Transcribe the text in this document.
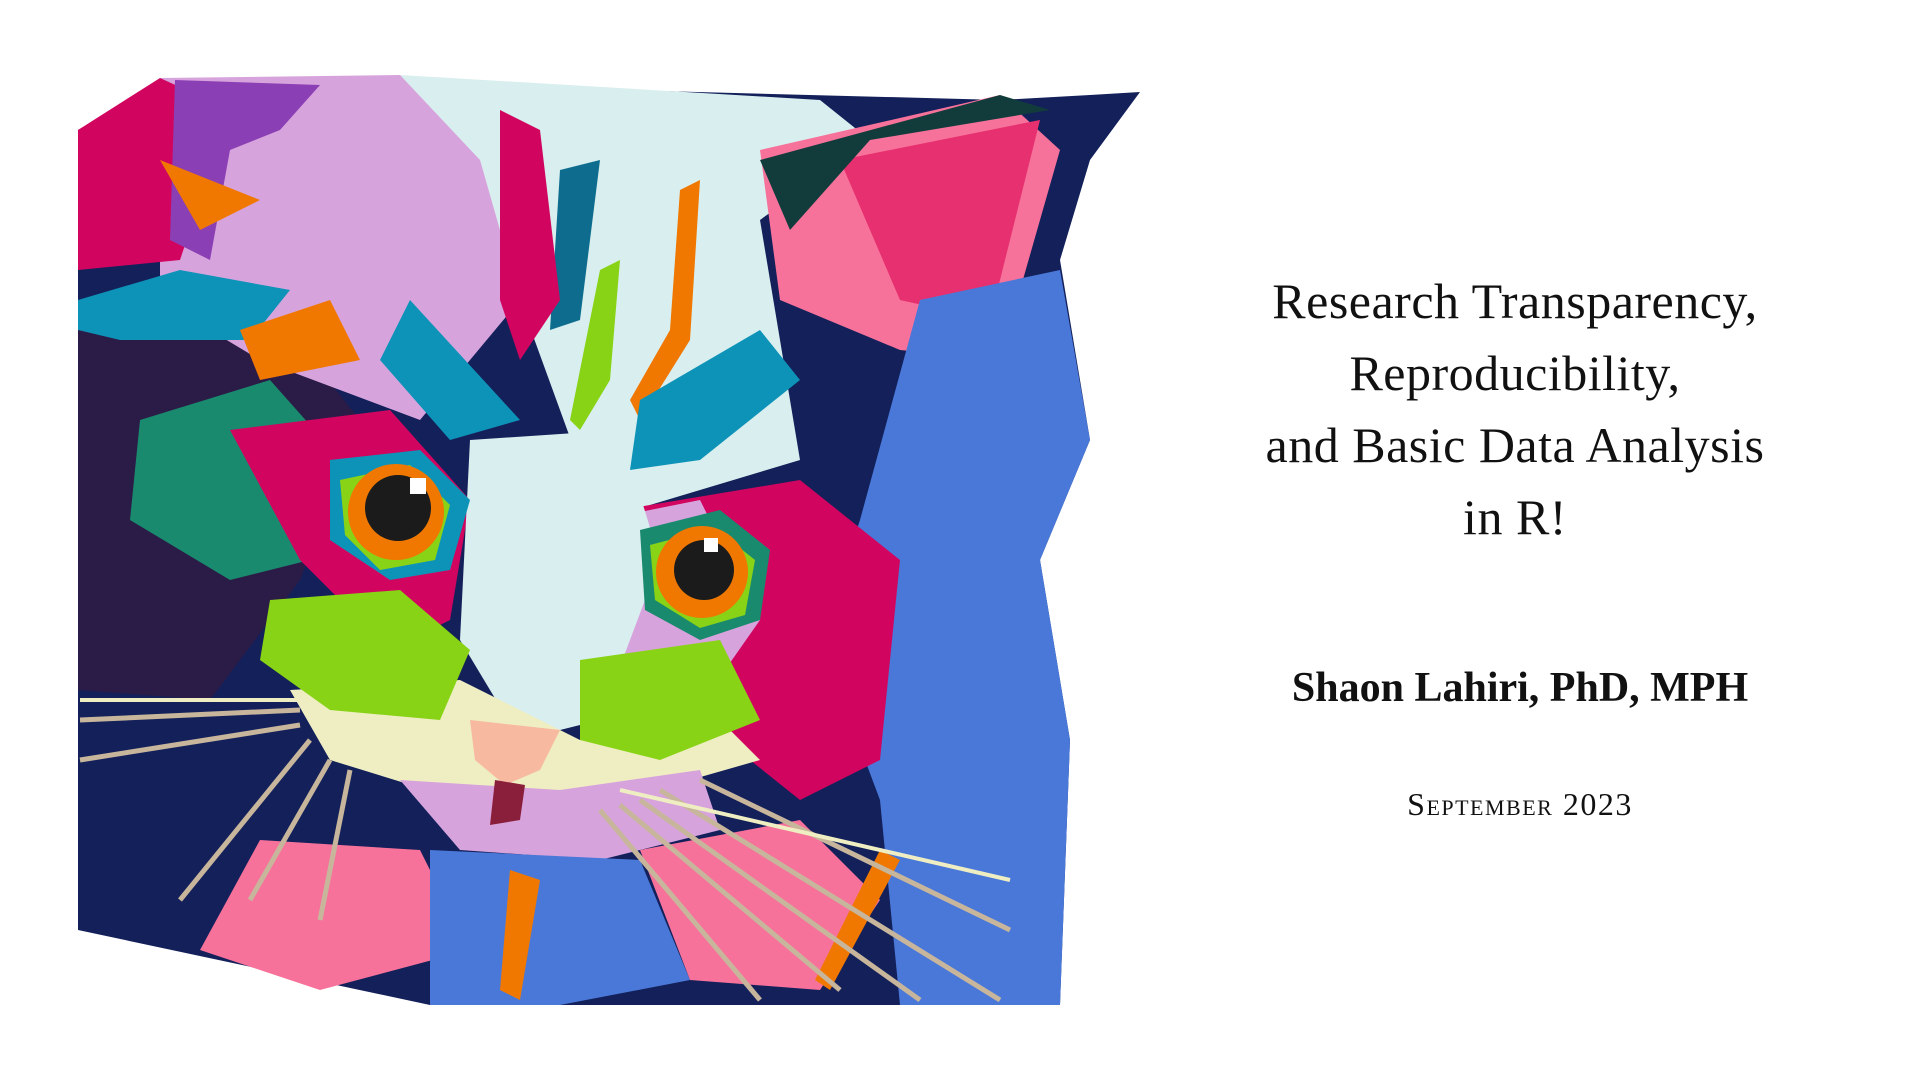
Research Transparency,
Reproducibility,
and Basic Data Analysis
in R!
Shaon Lahiri, PhD, MPH
September 2023
